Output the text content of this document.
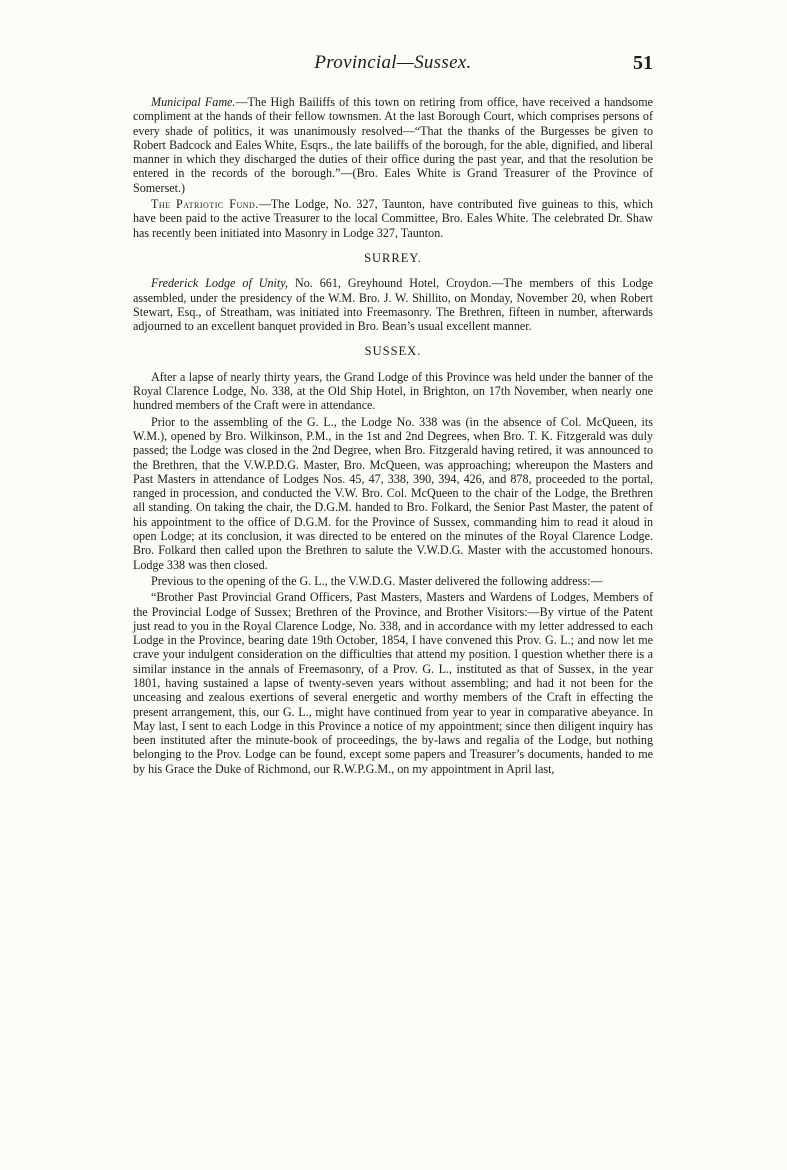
Provincial—Sussex.	51

Municipal Fame.—The High Bailiffs of this town on retiring from office, have received a handsome compliment at the hands of their fellow townsmen. At the last Borough Court, which comprises persons of every shade of politics, it was unanimously resolved—“That the thanks of the Burgesses be given to Robert Badcock and Eales White, Esqrs., the late bailiffs of the borough, for the able, dignified, and liberal manner in which they discharged the duties of their office during the past year, and that the resolution be entered in the records of the borough.”—(Bro. Eales White is Grand Treasurer of the Province of Somerset.)

The Patriotic Fund.—The Lodge, No. 327, Taunton, have contributed five guineas to this, which have been paid to the active Treasurer to the local Committee, Bro. Eales White. The celebrated Dr. Shaw has recently been initiated into Masonry in Lodge 327, Taunton.

SURREY.

Frederick Lodge of Unity, No. 661, Greyhound Hotel, Croydon.—The members of this Lodge assembled, under the presidency of the W.M. Bro. J. W. Shillito, on Monday, November 20, when Robert Stewart, Esq., of Streatham, was initiated into Freemasonry. The Brethren, fifteen in number, afterwards adjourned to an excellent banquet provided in Bro. Bean’s usual excellent manner.

SUSSEX.

After a lapse of nearly thirty years, the Grand Lodge of this Province was held under the banner of the Royal Clarence Lodge, No. 338, at the Old Ship Hotel, in Brighton, on 17th November, when nearly one hundred members of the Craft were in attendance.

Prior to the assembling of the G. L., the Lodge No. 338 was (in the absence of Col. McQueen, its W.M.), opened by Bro. Wilkinson, P.M., in the 1st and 2nd Degrees, when Bro. T. K. Fitzgerald was duly passed; the Lodge was closed in the 2nd Degree, when Bro. Fitzgerald having retired, it was announced to the Brethren, that the V.W.P.D.G. Master, Bro. McQueen, was approaching; whereupon the Masters and Past Masters in attendance of Lodges Nos. 45, 47, 338, 390, 394, 426, and 878, proceeded to the portal, ranged in procession, and conducted the V.W. Bro. Col. McQueen to the chair of the Lodge, the Brethren all standing. On taking the chair, the D.G.M. handed to Bro. Folkard, the Senior Past Master, the patent of his appointment to the office of D.G.M. for the Province of Sussex, commanding him to read it aloud in open Lodge; at its conclusion, it was directed to be entered on the minutes of the Royal Clarence Lodge. Bro. Folkard then called upon the Brethren to salute the V.W.D.G. Master with the accustomed honours. Lodge 338 was then closed.

Previous to the opening of the G. L., the V.W.D.G. Master delivered the following address:—

“Brother Past Provincial Grand Officers, Past Masters, Masters and Wardens of Lodges, Members of the Provincial Lodge of Sussex; Brethren of the Province, and Brother Visitors:—By virtue of the Patent just read to you in the Royal Clarence Lodge, No. 338, and in accordance with my letter addressed to each Lodge in the Province, bearing date 19th October, 1854, I have convened this Prov. G. L.; and now let me crave your indulgent consideration on the difficulties that attend my position. I question whether there is a similar instance in the annals of Freemasonry, of a Prov. G. L., instituted as that of Sussex, in the year 1801, having sustained a lapse of twenty-seven years without assembling; and had it not been for the unceasing and zealous exertions of several energetic and worthy members of the Craft in effecting the present arrangement, this, our G. L., might have continued from year to year in comparative abeyance. In May last, I sent to each Lodge in this Province a notice of my appointment; since then diligent inquiry has been instituted after the minute-book of proceedings, the by-laws and regalia of the Lodge, but nothing belonging to the Prov. Lodge can be found, except some papers and Treasurer’s documents, handed to me by his Grace the Duke of Richmond, our R.W.P.G.M., on my appointment in April last,
